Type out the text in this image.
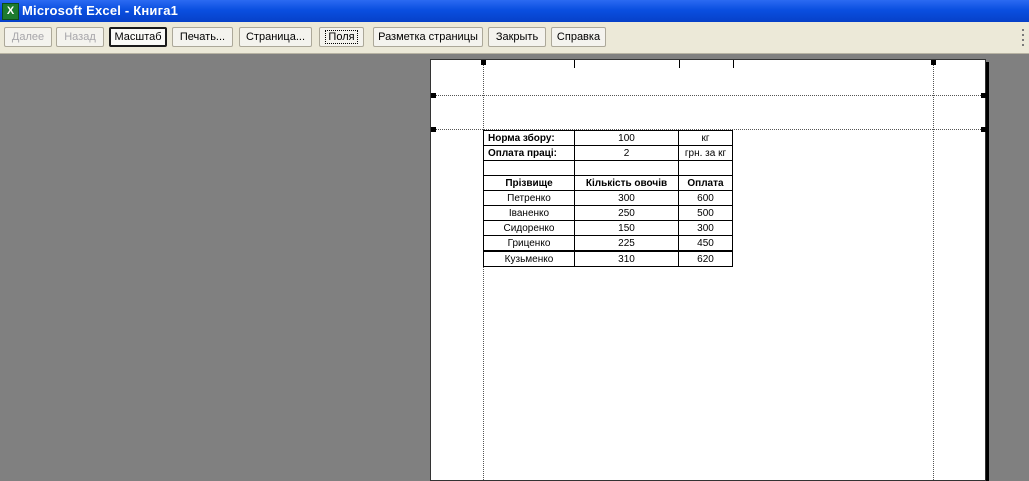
X Microsoft Excel - Книга1
Далее	Назад	Масштаб	Печать...	Страница...	Поля	Разметка страницы	Закрыть	Справка
Норма збору:	100	кг
Оплата праці:	2	грн. за кг

Прізвище	Кількість овочів	Оплата
Петренко	300	600
Іваненко	250	500
Сидоренко	150	300
Гриценко	225	450
Кузьменко	310	620
